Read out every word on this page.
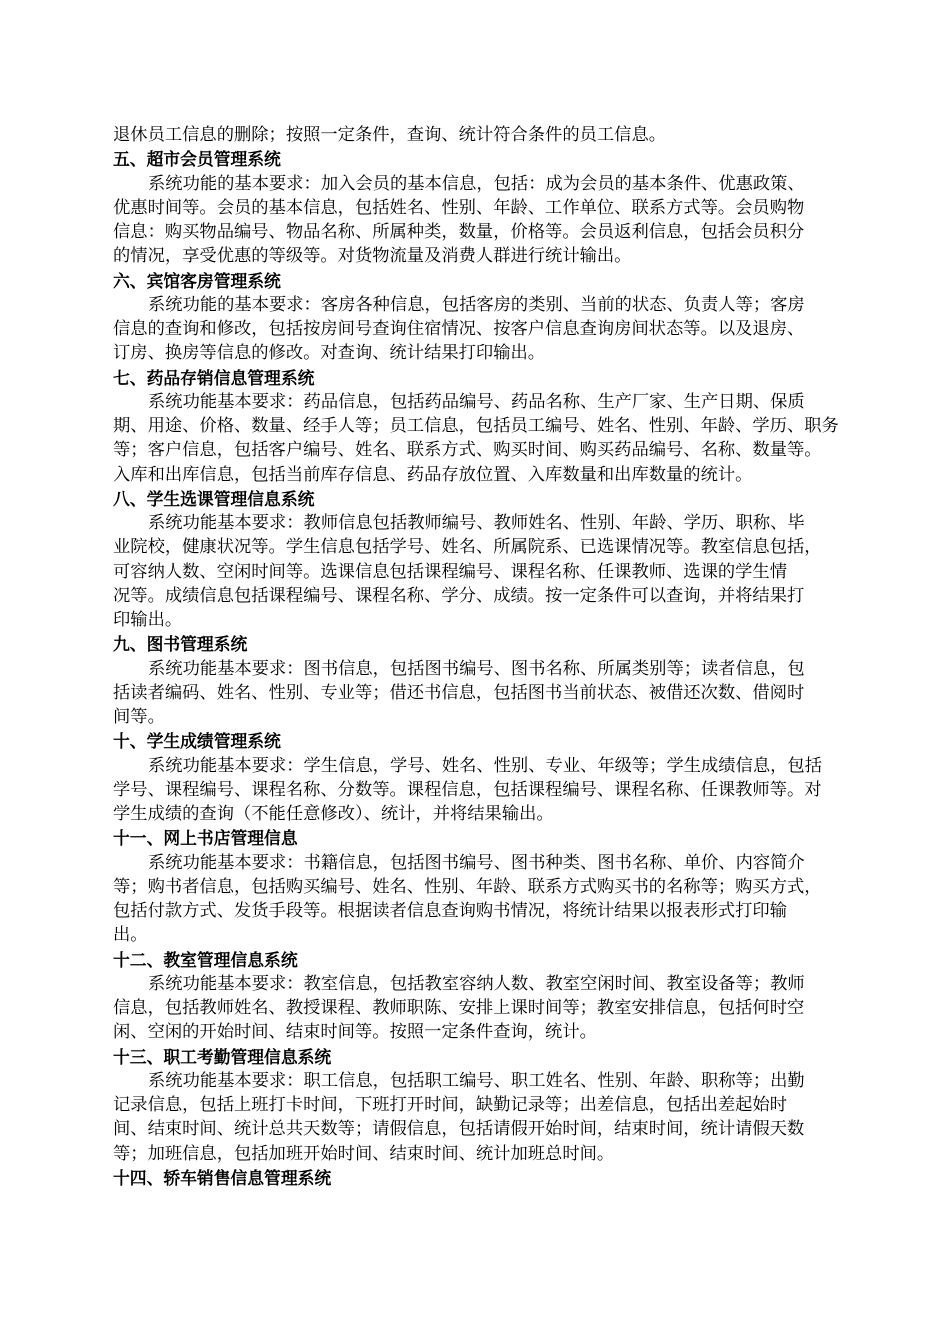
退休员工信息的删除；按照一定条件，查询、统计符合条件的员工信息。
五、超市会员管理系统
系统功能的基本要求：加入会员的基本信息，包括：成为会员的基本条件、优惠政策、
优惠时间等。会员的基本信息，包括姓名、性别、年龄、工作单位、联系方式等。会员购物
信息：购买物品编号、物品名称、所属种类，数量，价格等。会员返利信息，包括会员积分
的情况，享受优惠的等级等。对货物流量及消费人群进行统计输出。
六、宾馆客房管理系统
系统功能的基本要求：客房各种信息，包括客房的类别、当前的状态、负责人等；客房
信息的查询和修改，包括按房间号查询住宿情况、按客户信息查询房间状态等。以及退房、
订房、换房等信息的修改。对查询、统计结果打印输出。
七、药品存销信息管理系统
系统功能基本要求：药品信息，包括药品编号、药品名称、生产厂家、生产日期、保质
期、用途、价格、数量、经手人等；员工信息，包括员工编号、姓名、性别、年龄、学历、职务
等；客户信息，包括客户编号、姓名、联系方式、购买时间、购买药品编号、名称、数量等。
入库和出库信息，包括当前库存信息、药品存放位置、入库数量和出库数量的统计。
八、学生选课管理信息系统
系统功能基本要求：教师信息包括教师编号、教师姓名、性别、年龄、学历、职称、毕
业院校，健康状况等。学生信息包括学号、姓名、所属院系、已选课情况等。教室信息包括，
可容纳人数、空闲时间等。选课信息包括课程编号、课程名称、任课教师、选课的学生情
况等。成绩信息包括课程编号、课程名称、学分、成绩。按一定条件可以查询，并将结果打
印输出。
九、图书管理系统
系统功能基本要求：图书信息，包括图书编号、图书名称、所属类别等；读者信息，包
括读者编码、姓名、性别、专业等；借还书信息，包括图书当前状态、被借还次数、借阅时
间等。
十、学生成绩管理系统
系统功能基本要求：学生信息，学号、姓名、性别、专业、年级等；学生成绩信息，包括
学号、课程编号、课程名称、分数等。课程信息，包括课程编号、课程名称、任课教师等。对
学生成绩的查询（不能任意修改）、统计，并将结果输出。
十一、网上书店管理信息
系统功能基本要求：书籍信息，包括图书编号、图书种类、图书名称、单价、内容简介
等；购书者信息，包括购买编号、姓名、性别、年龄、联系方式购买书的名称等；购买方式，
包括付款方式、发货手段等。根据读者信息查询购书情况，将统计结果以报表形式打印输
出。
十二、教室管理信息系统
系统功能基本要求：教室信息，包括教室容纳人数、教室空闲时间、教室设备等；教师
信息，包括教师姓名、教授课程、教师职陈、安排上课时间等；教室安排信息，包括何时空
闲、空闲的开始时间、结束时间等。按照一定条件查询，统计。
十三、职工考勤管理信息系统
系统功能基本要求：职工信息，包括职工编号、职工姓名、性别、年龄、职称等；出勤
记录信息，包括上班打卡时间，下班打开时间，缺勤记录等；出差信息，包括出差起始时
间、结束时间、统计总共天数等；请假信息，包括请假开始时间，结束时间，统计请假天数
等；加班信息，包括加班开始时间、结束时间、统计加班总时间。
十四、轿车销售信息管理系统
